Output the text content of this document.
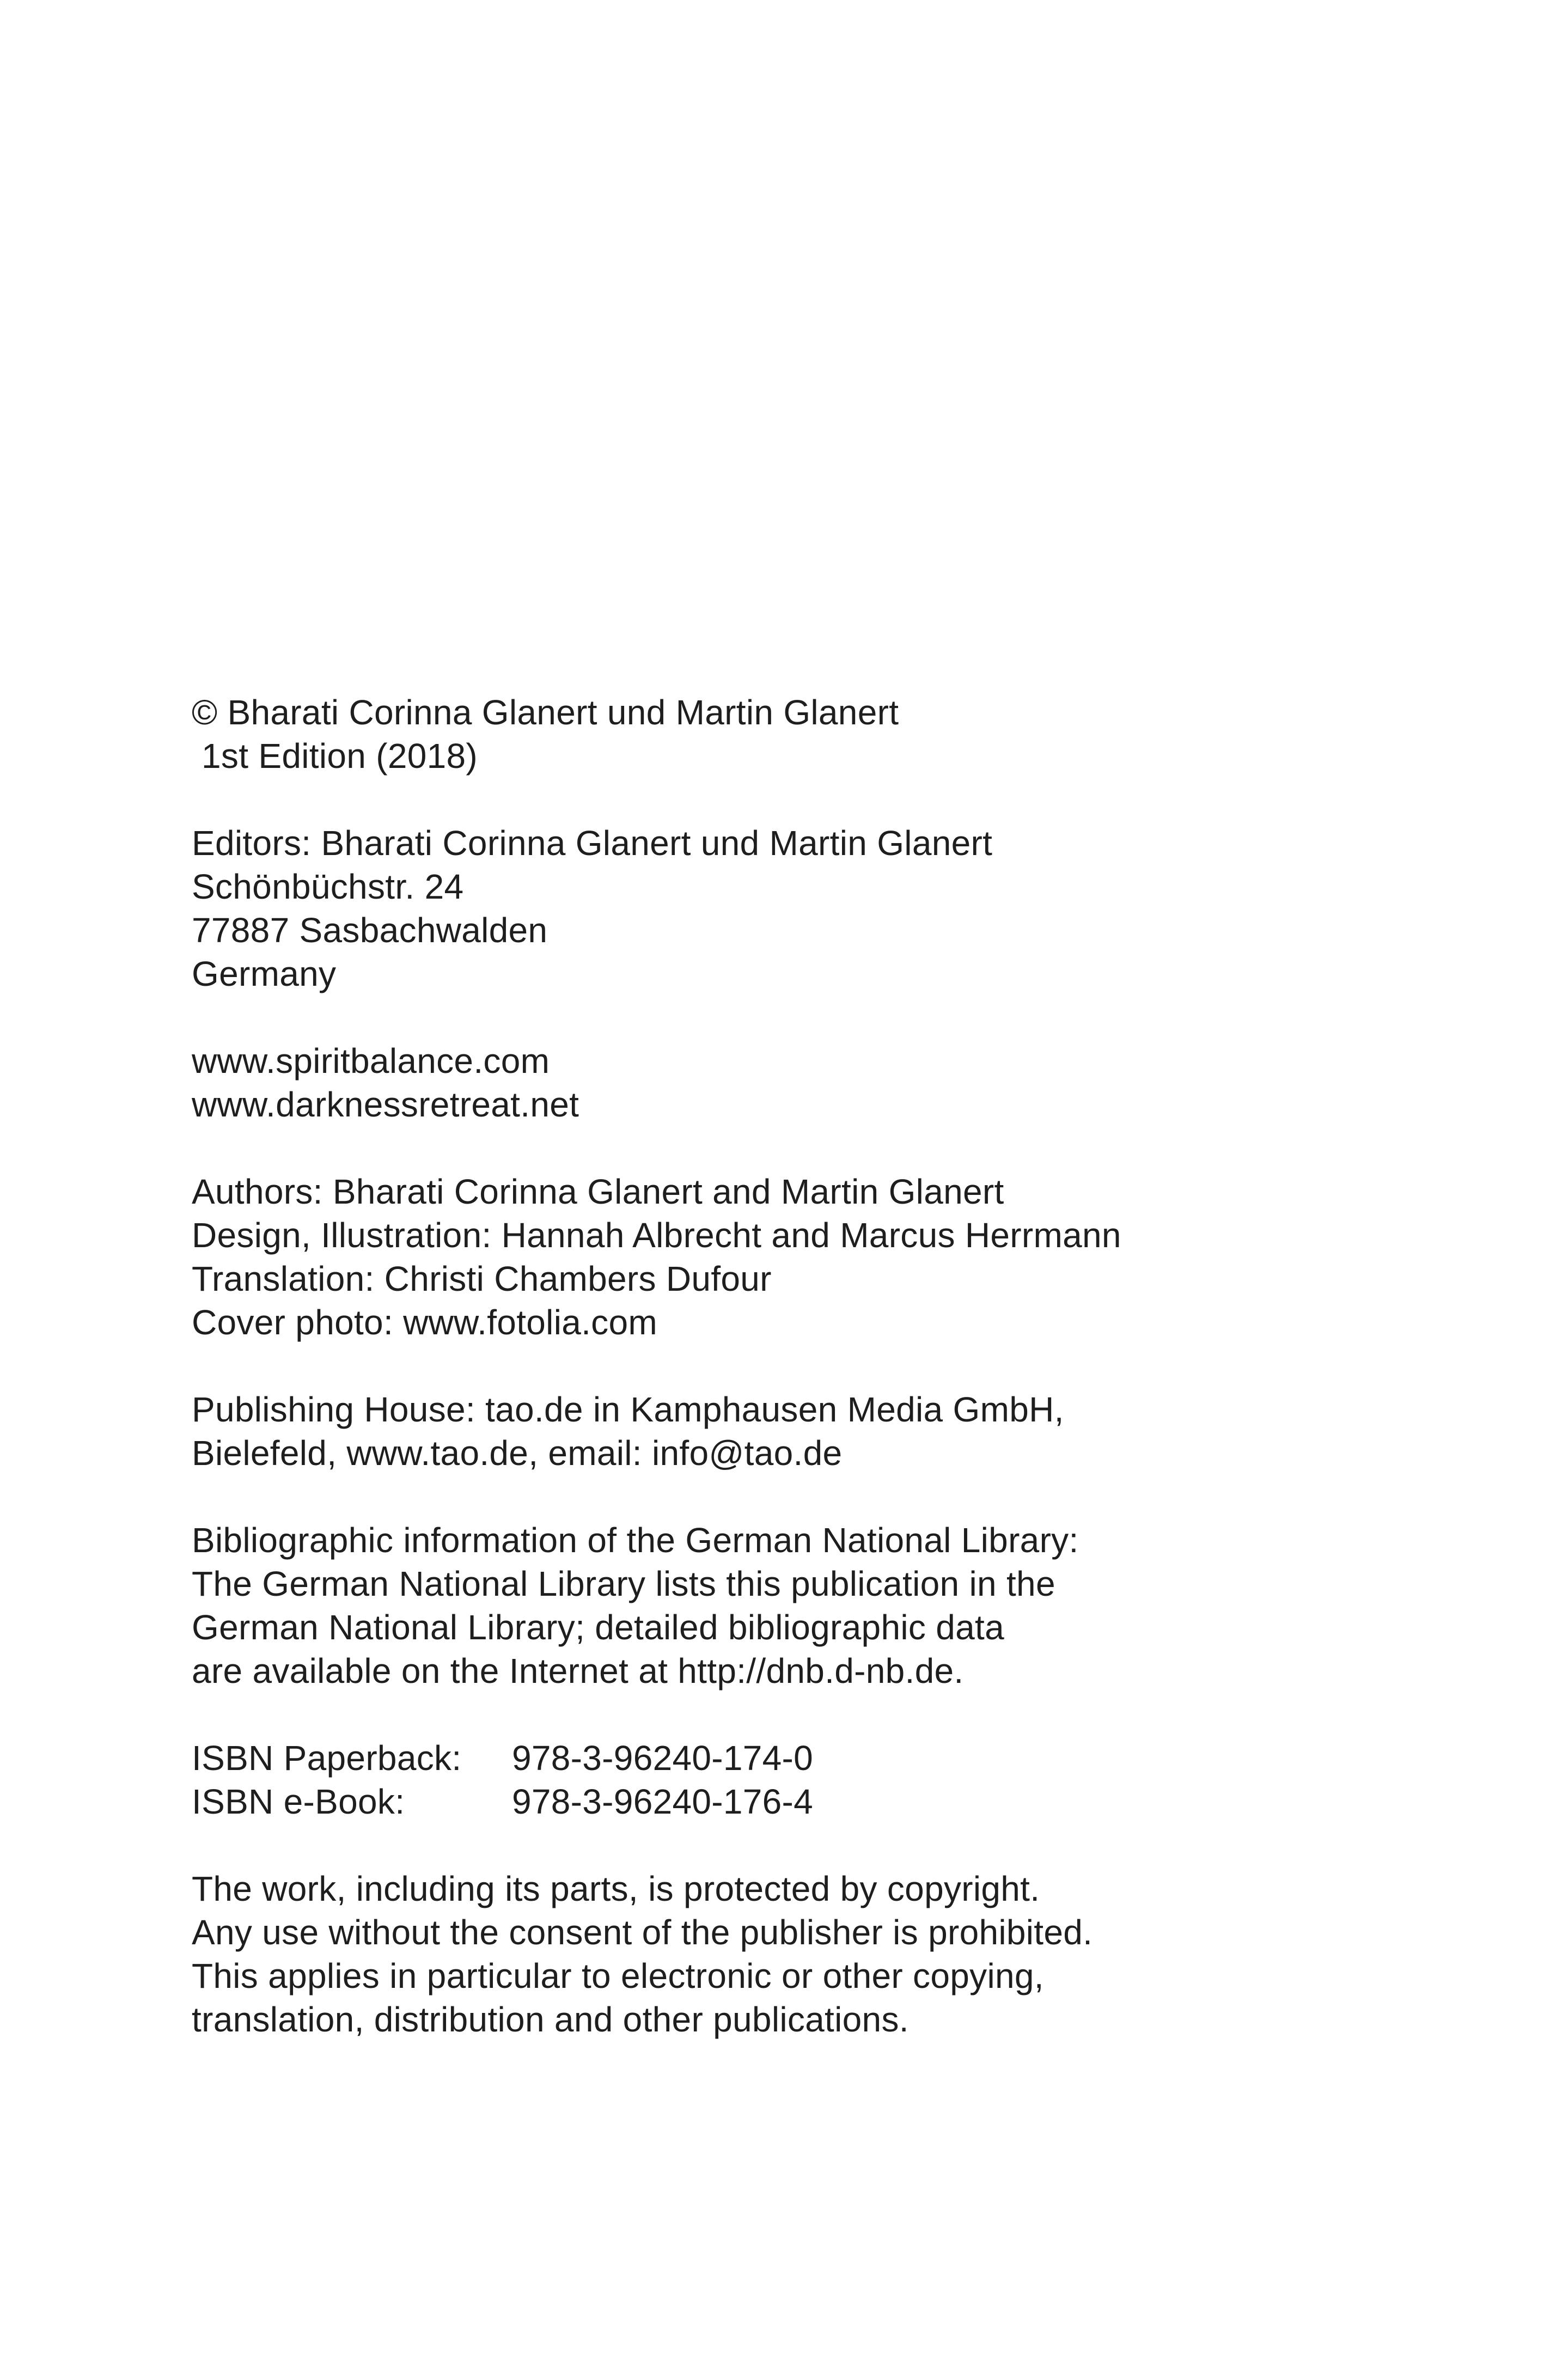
© Bharati Corinna Glanert und Martin Glanert
1st Edition (2018)
Editors: Bharati Corinna Glanert und Martin Glanert
Schönbüchstr. 24
77887 Sasbachwalden
Germany
www.spiritbalance.com
www.darknessretreat.net
Authors: Bharati Corinna Glanert and Martin Glanert
Design, Illustration: Hannah Albrecht and Marcus Herrmann
Translation: Christi Chambers Dufour
Cover photo: www.fotolia.com
Publishing House: tao.de in Kamphausen Media GmbH,
Bielefeld, www.tao.de, email: info@tao.de
Bibliographic information of the German National Library:
The German National Library lists this publication in the
German National Library; detailed bibliographic data
are available on the Internet at http://dnb.d-nb.de.
ISBN Paperback:	978-3-96240-174-0
ISBN e-Book:	978-3-96240-176-4
The work, including its parts, is protected by copyright.
Any use without the consent of the publisher is prohibited.
This applies in particular to electronic or other copying,
translation, distribution and other publications.
